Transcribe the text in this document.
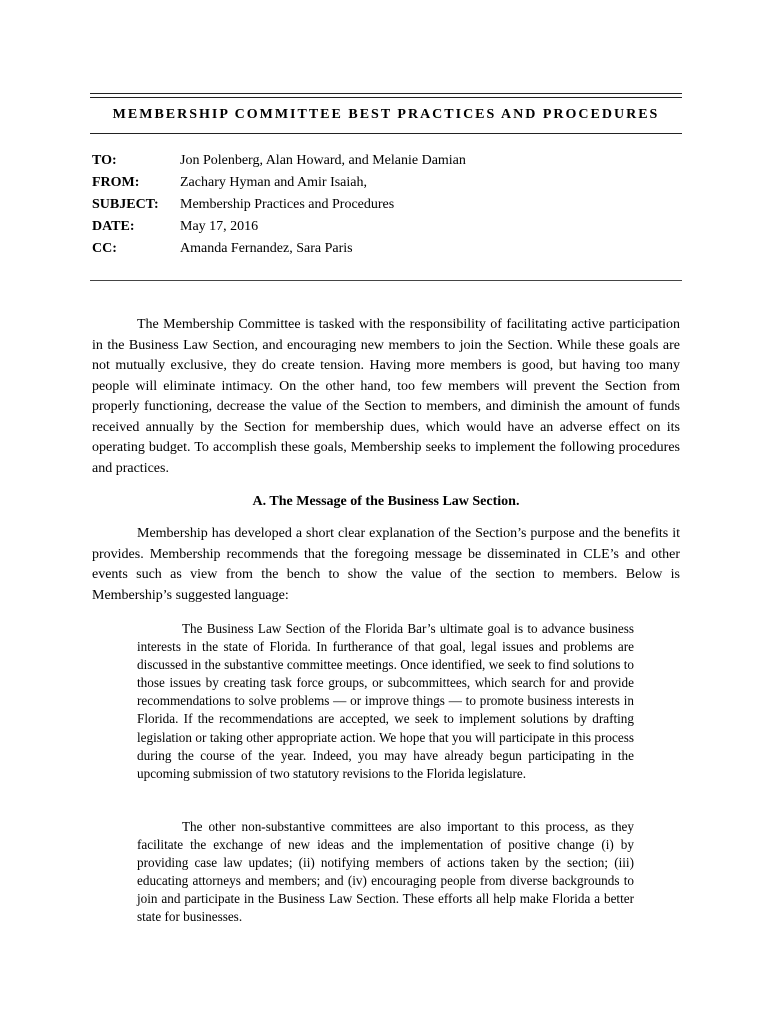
MEMBERSHIP COMMITTEE BEST PRACTICES AND PROCEDURES
TO:	Jon Polenberg, Alan Howard, and Melanie Damian
FROM:	Zachary Hyman and Amir Isaiah,
SUBJECT:	Membership Practices and Procedures
DATE:	May 17, 2016
CC:	Amanda Fernandez, Sara Paris

The Membership Committee is tasked with the responsibility of facilitating active participation in the Business Law Section, and encouraging new members to join the Section. While these goals are not mutually exclusive, they do create tension. Having more members is good, but having too many people will eliminate intimacy. On the other hand, too few members will prevent the Section from properly functioning, decrease the value of the Section to members, and diminish the amount of funds received annually by the Section for membership dues, which would have an adverse effect on its operating budget. To accomplish these goals, Membership seeks to implement the following procedures and practices.

A. The Message of the Business Law Section.

Membership has developed a short clear explanation of the Section’s purpose and the benefits it provides. Membership recommends that the foregoing message be disseminated in CLE’s and other events such as view from the bench to show the value of the section to members. Below is Membership’s suggested language:

The Business Law Section of the Florida Bar’s ultimate goal is to advance business interests in the state of Florida. In furtherance of that goal, legal issues and problems are discussed in the substantive committee meetings. Once identified, we seek to find solutions to those issues by creating task force groups, or subcommittees, which search for and provide recommendations to solve problems — or improve things — to promote business interests in Florida. If the recommendations are accepted, we seek to implement solutions by drafting legislation or taking other appropriate action. We hope that you will participate in this process during the course of the year. Indeed, you may have already begun participating in the upcoming submission of two statutory revisions to the Florida legislature.

The other non-substantive committees are also important to this process, as they facilitate the exchange of new ideas and the implementation of positive change (i) by providing case law updates; (ii) notifying members of actions taken by the section; (iii) educating attorneys and members; and (iv) encouraging people from diverse backgrounds to join and participate in the Business Law Section. These efforts all help make Florida a better state for businesses.
